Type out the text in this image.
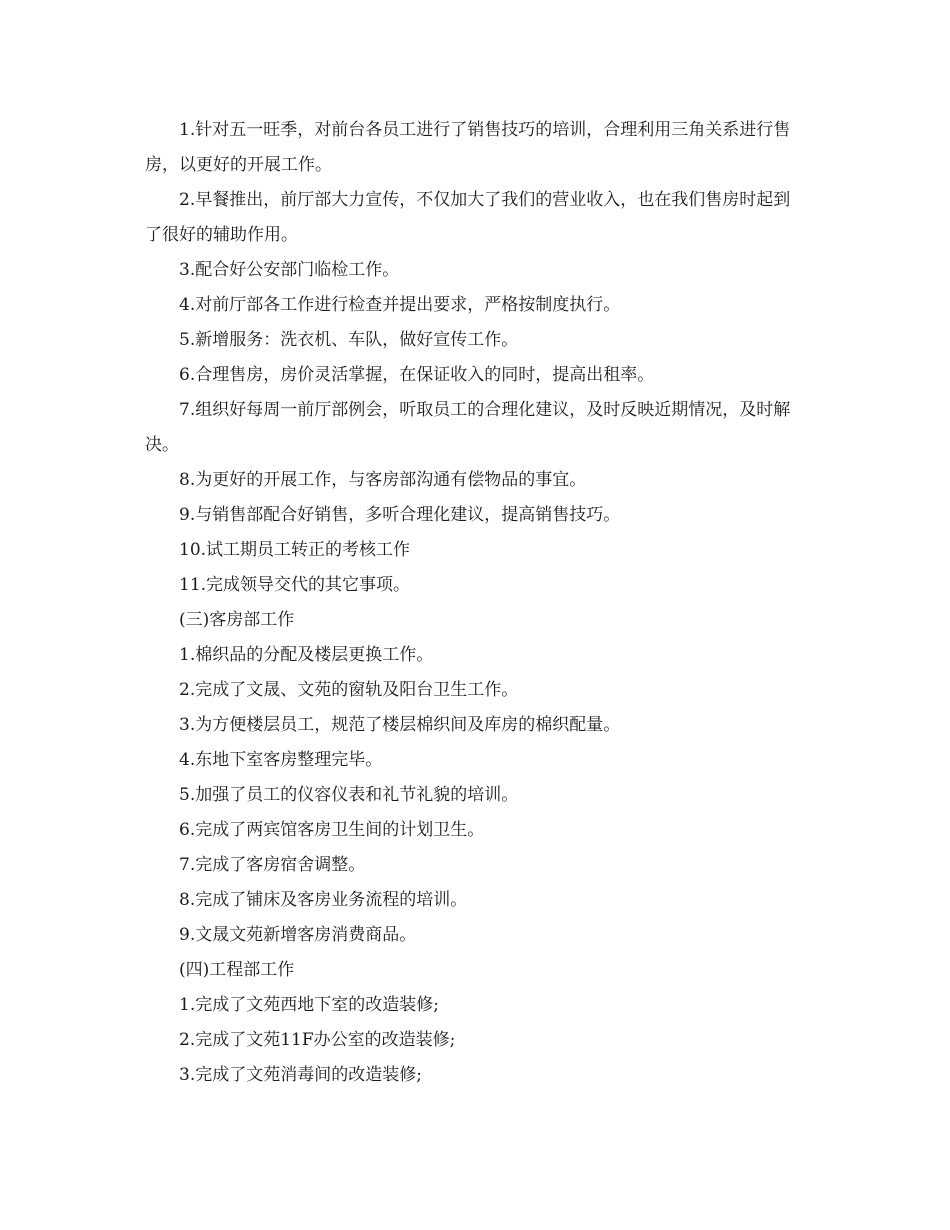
1.针对五一旺季，对前台各员工进行了销售技巧的培训，合理利用三角关系进行售房，以更好的开展工作。

2.早餐推出，前厅部大力宣传，不仅加大了我们的营业收入，也在我们售房时起到了很好的辅助作用。

3.配合好公安部门临检工作。

4.对前厅部各工作进行检查并提出要求，严格按制度执行。

5.新增服务：洗衣机、车队，做好宣传工作。

6.合理售房，房价灵活掌握，在保证收入的同时，提高出租率。

7.组织好每周一前厅部例会，听取员工的合理化建议，及时反映近期情况，及时解决。

8.为更好的开展工作，与客房部沟通有偿物品的事宜。

9.与销售部配合好销售，多听合理化建议，提高销售技巧。

10.试工期员工转正的考核工作

11.完成领导交代的其它事项。

(三)客房部工作

1.棉织品的分配及楼层更换工作。

2.完成了文晟、文苑的窗轨及阳台卫生工作。

3.为方便楼层员工，规范了楼层棉织间及库房的棉织配量。

4.东地下室客房整理完毕。

5.加强了员工的仪容仪表和礼节礼貌的培训。

6.完成了两宾馆客房卫生间的计划卫生。

7.完成了客房宿舍调整。

8.完成了铺床及客房业务流程的培训。

9.文晟文苑新增客房消费商品。

(四)工程部工作

1.完成了文苑西地下室的改造装修;

2.完成了文苑11F办公室的改造装修;

3.完成了文苑消毒间的改造装修;
